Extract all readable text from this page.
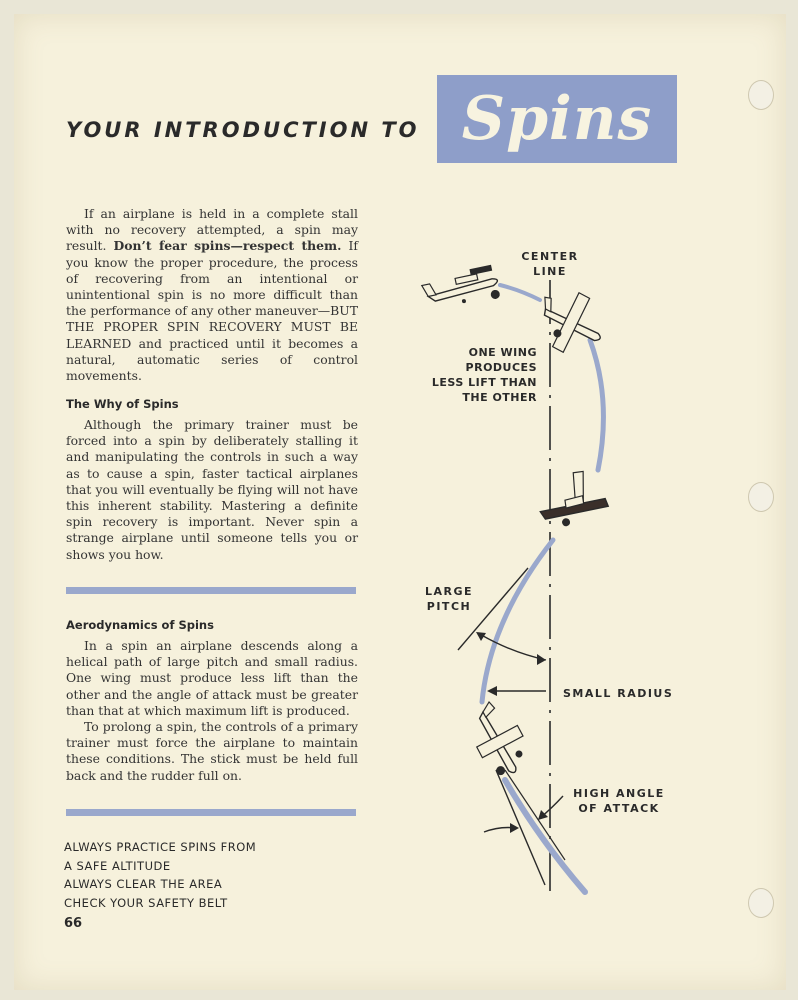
YOUR INTRODUCTION TO Spins

If an airplane is held in a complete stall with no recovery attempted, a spin may result. Don’t fear spins—respect them. If you know the proper procedure, the process of recovering from an intentional or unintentional spin is no more difficult than the performance of any other maneuver—BUT THE PROPER SPIN RECOVERY MUST BE LEARNED and practiced until it becomes a natural, automatic series of control movements.

The Why of Spins

Although the primary trainer must be forced into a spin by deliberately stalling it and manipulating the controls in such a way as to cause a spin, faster tactical airplanes that you will eventually be flying will not have this inherent stability. Mastering a definite spin recovery is important. Never spin a strange airplane until someone tells you or shows you how.

Aerodynamics of Spins

In a spin an airplane descends along a helical path of large pitch and small radius. One wing must produce less lift than the other and the angle of attack must be greater than that at which maximum lift is produced.

To prolong a spin, the controls of a primary trainer must force the airplane to maintain these conditions. The stick must be held full back and the rudder full on.

ALWAYS PRACTICE SPINS FROM
A SAFE ALTITUDE
ALWAYS CLEAR THE AREA
CHECK YOUR SAFETY BELT
66
CENTER
LINE
ONE WING PRODUCES
LESS LIFT THAN
THE OTHER
LARGE
PITCH
SMALL RADIUS
HIGH ANGLE
OF ATTACK
